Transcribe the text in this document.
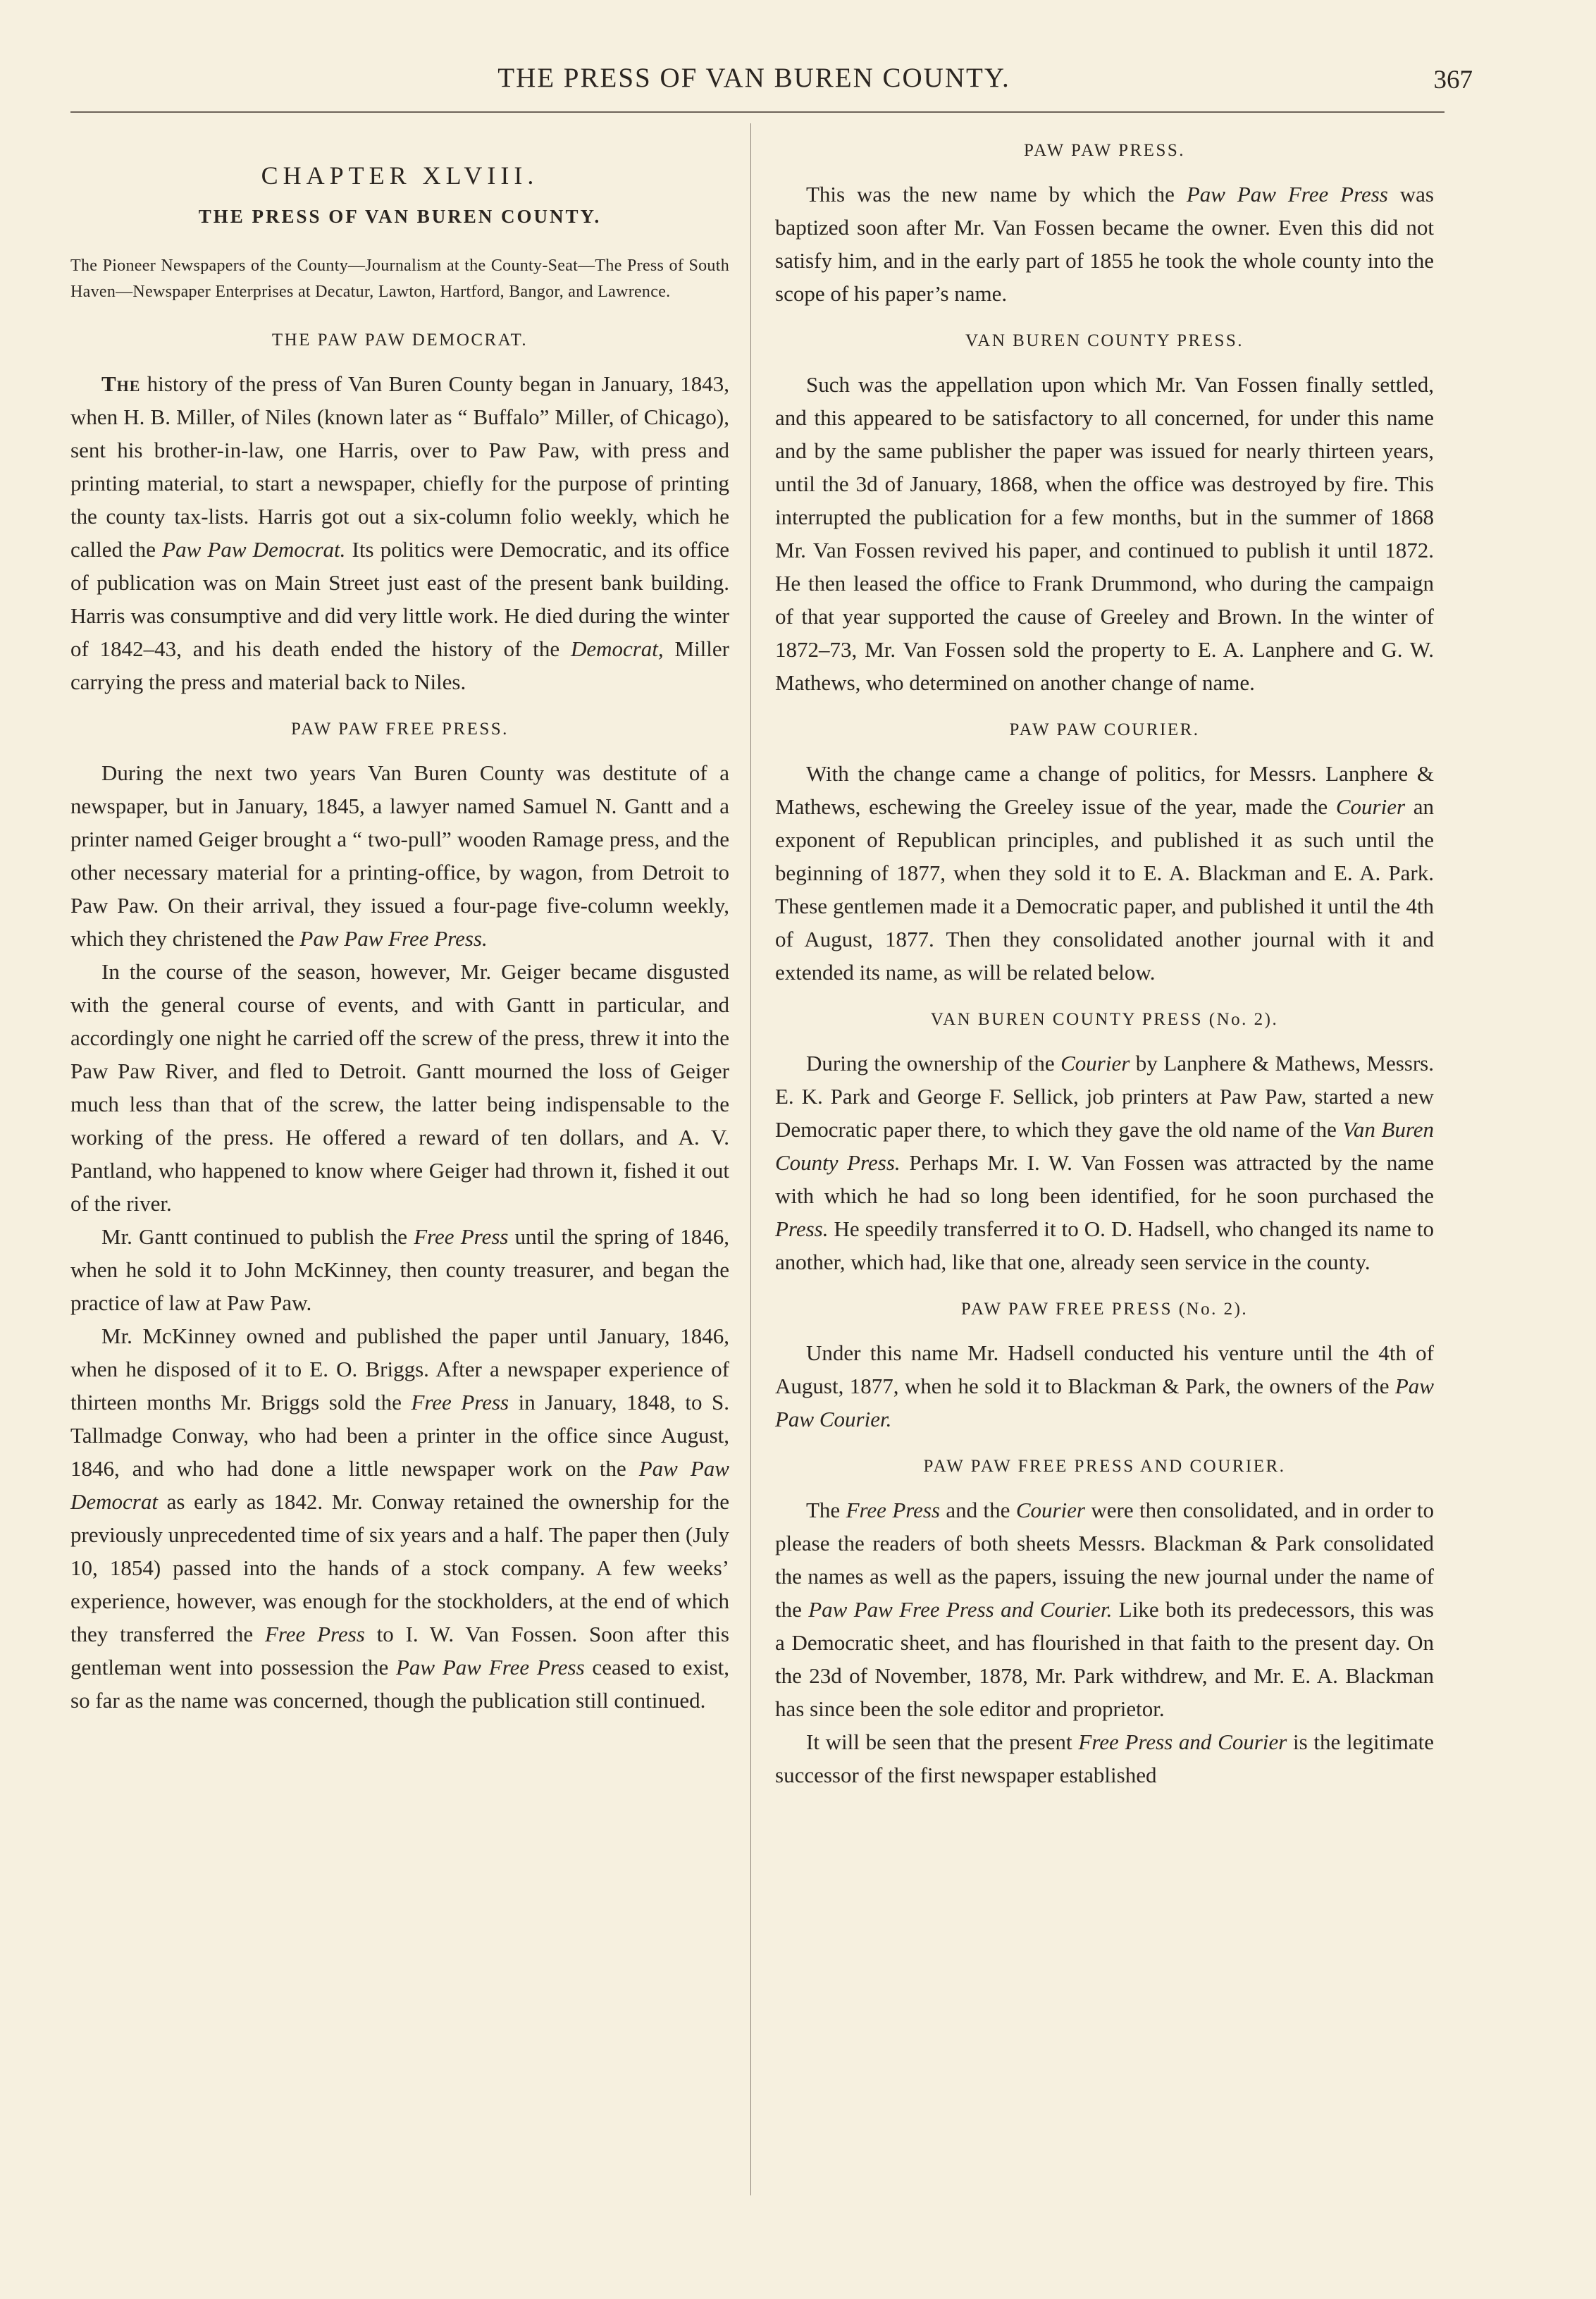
THE PRESS OF VAN BUREN COUNTY.	367
CHAPTER XLVIII.
THE PRESS OF VAN BUREN COUNTY.
The Pioneer Newspapers of the County—Journalism at the County-Seat—The Press of South Haven—Newspaper Enterprises at Decatur, Lawton, Hartford, Bangor, and Lawrence.
THE PAW PAW DEMOCRAT.

The history of the press of Van Buren County began in January, 1843, when H. B. Miller, of Niles (known later as “ Buffalo” Miller, of Chicago), sent his brother-in-law, one Harris, over to Paw Paw, with press and printing material, to start a newspaper, chiefly for the purpose of printing the county tax-lists. Harris got out a six-column folio weekly, which he called the Paw Paw Democrat. Its politics were Democratic, and its office of publication was on Main Street just east of the present bank building. Harris was consumptive and did very little work. He died during the winter of 1842–43, and his death ended the history of the Democrat, Miller carrying the press and material back to Niles.

PAW PAW FREE PRESS.

During the next two years Van Buren County was destitute of a newspaper, but in January, 1845, a lawyer named Samuel N. Gantt and a printer named Geiger brought a “ two-pull” wooden Ramage press, and the other necessary material for a printing-office, by wagon, from Detroit to Paw Paw. On their arrival, they issued a four-page five-column weekly, which they christened the Paw Paw Free Press.

In the course of the season, however, Mr. Geiger became disgusted with the general course of events, and with Gantt in particular, and accordingly one night he carried off the screw of the press, threw it into the Paw Paw River, and fled to Detroit. Gantt mourned the loss of Geiger much less than that of the screw, the latter being indispensable to the working of the press. He offered a reward of ten dollars, and A. V. Pantland, who happened to know where Geiger had thrown it, fished it out of the river.

Mr. Gantt continued to publish the Free Press until the spring of 1846, when he sold it to John McKinney, then county treasurer, and began the practice of law at Paw Paw.

Mr. McKinney owned and published the paper until January, 1846, when he disposed of it to E. O. Briggs. After a newspaper experience of thirteen months Mr. Briggs sold the Free Press in January, 1848, to S. Tallmadge Conway, who had been a printer in the office since August, 1846, and who had done a little newspaper work on the Paw Paw Democrat as early as 1842. Mr. Conway retained the ownership for the previously unprecedented time of six years and a half. The paper then (July 10, 1854) passed into the hands of a stock company. A few weeks’ experience, however, was enough for the stockholders, at the end of which they transferred the Free Press to I. W. Van Fossen. Soon after this gentleman went into possession the Paw Paw Free Press ceased to exist, so far as the name was concerned, though the publication still continued.

PAW PAW PRESS.

This was the new name by which the Paw Paw Free Press was baptized soon after Mr. Van Fossen became the owner. Even this did not satisfy him, and in the early part of 1855 he took the whole county into the scope of his paper’s name.

VAN BUREN COUNTY PRESS.

Such was the appellation upon which Mr. Van Fossen finally settled, and this appeared to be satisfactory to all concerned, for under this name and by the same publisher the paper was issued for nearly thirteen years, until the 3d of January, 1868, when the office was destroyed by fire. This interrupted the publication for a few months, but in the summer of 1868 Mr. Van Fossen revived his paper, and continued to publish it until 1872. He then leased the office to Frank Drummond, who during the campaign of that year supported the cause of Greeley and Brown. In the winter of 1872–73, Mr. Van Fossen sold the property to E. A. Lanphere and G. W. Mathews, who determined on another change of name.

PAW PAW COURIER.

With the change came a change of politics, for Messrs. Lanphere & Mathews, eschewing the Greeley issue of the year, made the Courier an exponent of Republican principles, and published it as such until the beginning of 1877, when they sold it to E. A. Blackman and E. A. Park. These gentlemen made it a Democratic paper, and published it until the 4th of August, 1877. Then they consolidated another journal with it and extended its name, as will be related below.

VAN BUREN COUNTY PRESS (No. 2).

During the ownership of the Courier by Lanphere & Mathews, Messrs. E. K. Park and George F. Sellick, job printers at Paw Paw, started a new Democratic paper there, to which they gave the old name of the Van Buren County Press. Perhaps Mr. I. W. Van Fossen was attracted by the name with which he had so long been identified, for he soon purchased the Press. He speedily transferred it to O. D. Hadsell, who changed its name to another, which had, like that one, already seen service in the county.

PAW PAW FREE PRESS (No. 2).

Under this name Mr. Hadsell conducted his venture until the 4th of August, 1877, when he sold it to Blackman & Park, the owners of the Paw Paw Courier.

PAW PAW FREE PRESS AND COURIER.

The Free Press and the Courier were then consolidated, and in order to please the readers of both sheets Messrs. Blackman & Park consolidated the names as well as the papers, issuing the new journal under the name of the Paw Paw Free Press and Courier. Like both its predecessors, this was a Democratic sheet, and has flourished in that faith to the present day. On the 23d of November, 1878, Mr. Park withdrew, and Mr. E. A. Blackman has since been the sole editor and proprietor.

It will be seen that the present Free Press and Courier is the legitimate successor of the first newspaper established
